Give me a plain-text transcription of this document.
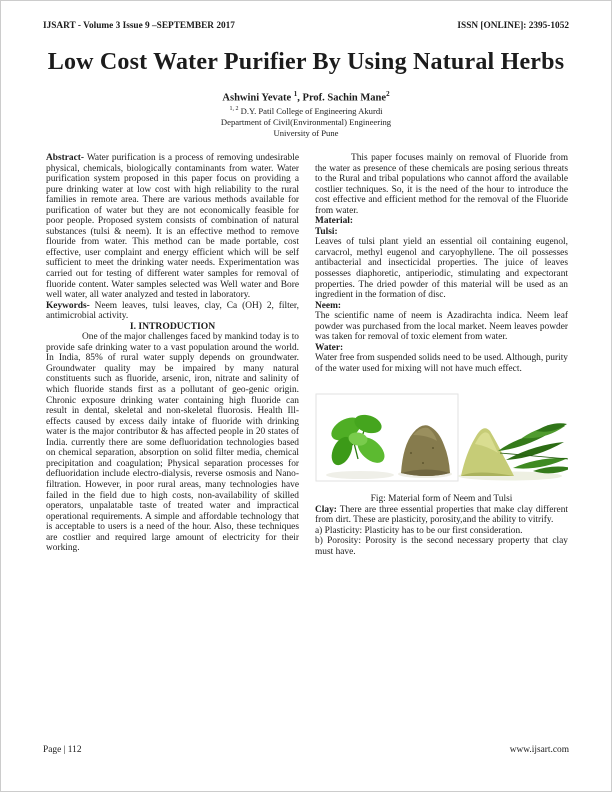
IJSART - Volume 3 Issue 9 –SEPTEMBER 2017	ISSN [ONLINE]: 2395-1052
Low Cost Water Purifier By Using Natural Herbs
Ashwini Yevate $^1$, Prof. Sachin Mane$^2$
$^{1, 2}$ D.Y. Patil College of Engineering Akurdi
Department of Civil(Environmental) Engineering
University of Pune

Abstract- Water purification is a process of removing undesirable physical, chemicals, biologically contaminants from water. Water purification system proposed in this paper focus on providing a pure drinking water at low cost with high reliability to the rural families in remote area. There are various methods available for purification of water but they are not economically feasible for poor people. Proposed system consists of combination of natural substances (tulsi & neem). It is an effective method to remove flouride from water. This method can be made portable, cost effective, user complaint and energy efficient which will be self sufficient to meet the drinking water needs. Experimentation was carried out for testing of different water samples for removal of fluoride content. Water samples selected was Well water and Bore well water, all water analyzed and tested in laboratory.

Keywords- Neem leaves, tulsi leaves, clay, Ca (OH) 2, filter, antimicrobial activity.

I. INTRODUCTION

One of the major challenges faced by mankind today is to provide safe drinking water to a vast population around the world. In India, 85% of rural water supply depends on groundwater. Groundwater quality may be impaired by many natural constituents such as fluoride, arsenic, iron, nitrate and salinity of which fluoride stands first as a pollutant of geo-genic origin. Chronic exposure drinking water containing high fluoride can result in dental, skeletal and non-skeletal fluorosis. Health Ill-effects caused by excess daily intake of fluoride with drinking water is the major contributor & has affected people in 20 states of India. currently there are some defluoridation technologies based on chemical separation, absorption on solid filter media, chemical precipitation and coagulation; Physical separation processes for defluoridation include electro-dialysis, reverse osmosis and Nano-filtration. However, in poor rural areas, many technologies have failed in the field due to high costs, non-availability of skilled operators, unpalatable taste of treated water and impractical operational requirements. A simple and affordable technology that is acceptable to users is a need of the hour. Also, these techniques are costlier and required large amount of electricity for their working.

This paper focuses mainly on removal of Fluoride from the water as presence of these chemicals are posing serious threats to the Rural and tribal populations who cannot afford the available costlier techniques. So, it is the need of the hour to introduce the cost effective and efficient method for the removal of the Fluoride from water.

Material:

Tulsi:

Leaves of tulsi plant yield an essential oil containing eugenol, carvacrol, methyl eugenol and caryophyllene. The oil possesses antibacterial and insecticidal properties. The juice of leaves possesses diaphoretic, antiperiodic, stimulating and expectorant properties. The dried powder of this material will be used as an ingredient in the formation of disc.

Neem:

The scientific name of neem is Azadirachta indica. Neem leaf powder was purchased from the local market. Neem leaves powder was taken for removal of toxic element from water.

Water:

Water free from suspended solids need to be used. Although, purity of the water used for mixing will not have much effect.

Fig: Material form of Neem and Tulsi

Clay: There are three essential properties that make clay different from dirt. These are plasticity, porosity,and the ability to vitrify.

a) Plasticity: Plasticity has to be our first consideration.

b) Porosity: Porosity is the second necessary property that clay must have.

Page | 112	www.ijsart.com
